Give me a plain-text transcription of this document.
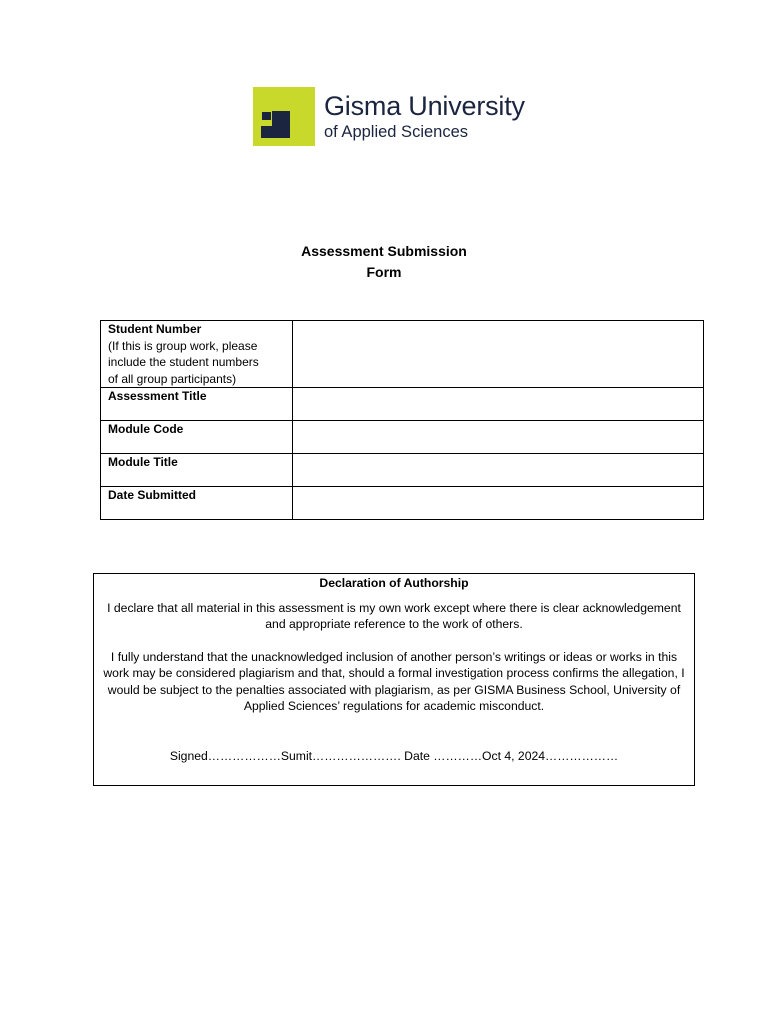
Gisma University
of Applied Sciences
Assessment Submission
Form
Student Number
(If this is group work, please
include the student numbers
of all group participants)	

Assessment Title	

Module Code	

Module Title	

Date Submitted	

Declaration of Authorship

I declare that all material in this assessment is my own work except where there is clear acknowledgement and appropriate reference to the work of others.

I fully understand that the unacknowledged inclusion of another person’s writings or ideas or works in this work may be considered plagiarism and that, should a formal investigation process confirms the allegation, I would be subject to the penalties associated with plagiarism, as per GISMA Business School, University of Applied Sciences’ regulations for academic misconduct.

Signed………………Sumit…………………. Date …………Oct 4, 2024………………
